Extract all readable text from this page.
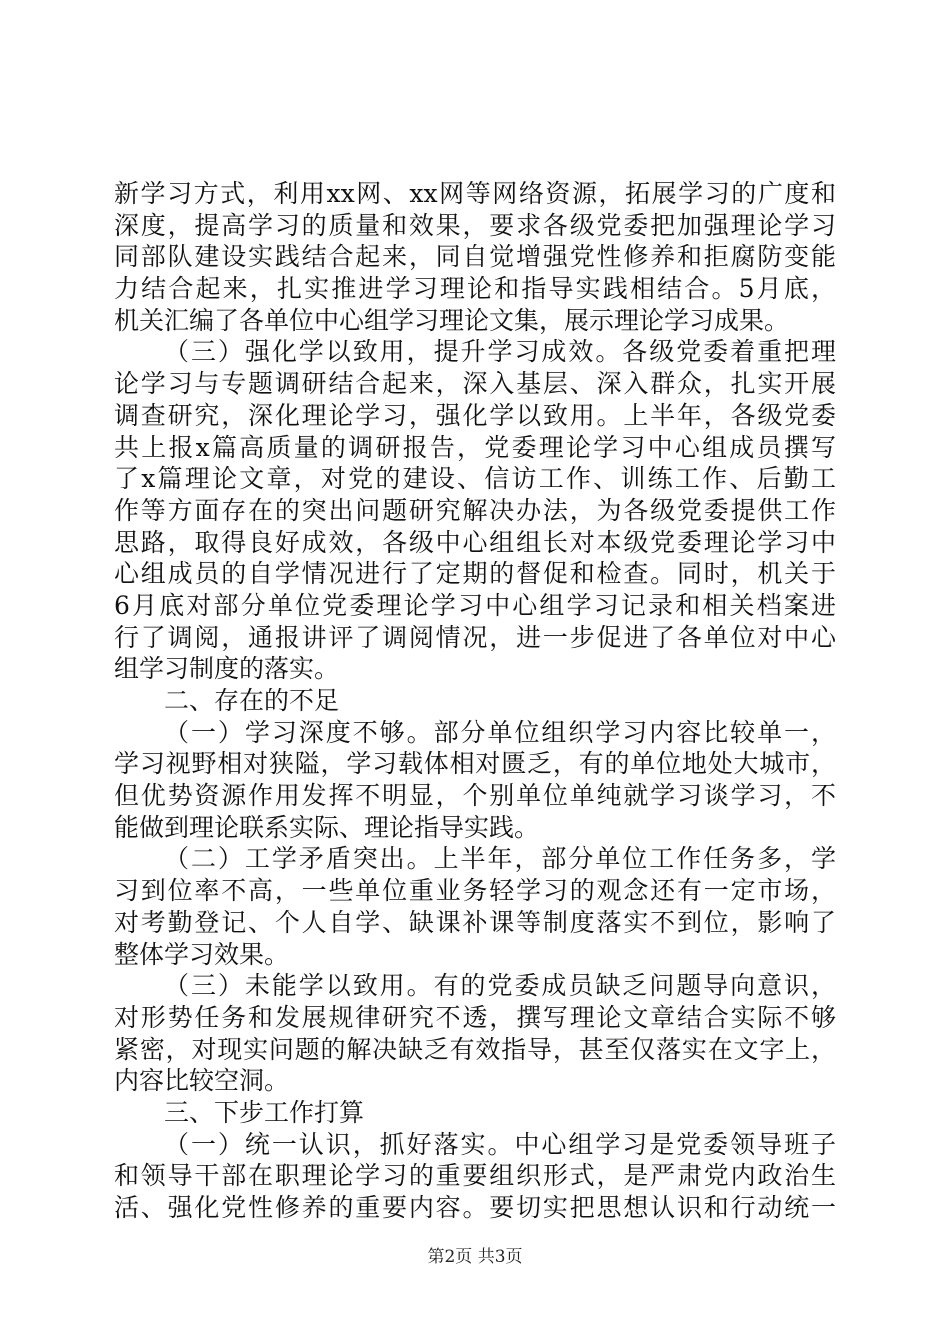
新学习方式，利用xx网、xx网等网络资源，拓展学习的广度和
深度，提高学习的质量和效果，要求各级党委把加强理论学习
同部队建设实践结合起来，同自觉增强党性修养和拒腐防变能
力结合起来，扎实推进学习理论和指导实践相结合。5月底，
机关汇编了各单位中心组学习理论文集，展示理论学习成果。
（三）强化学以致用，提升学习成效。各级党委着重把理
论学习与专题调研结合起来，深入基层、深入群众，扎实开展
调查研究，深化理论学习，强化学以致用。上半年，各级党委
共上报x篇高质量的调研报告，党委理论学习中心组成员撰写
了x篇理论文章，对党的建设、信访工作、训练工作、后勤工
作等方面存在的突出问题研究解决办法，为各级党委提供工作
思路，取得良好成效，各级中心组组长对本级党委理论学习中
心组成员的自学情况进行了定期的督促和检查。同时，机关于
6月底对部分单位党委理论学习中心组学习记录和相关档案进
行了调阅，通报讲评了调阅情况，进一步促进了各单位对中心
组学习制度的落实。
二、存在的不足
（一）学习深度不够。部分单位组织学习内容比较单一，
学习视野相对狭隘，学习载体相对匮乏，有的单位地处大城市，
但优势资源作用发挥不明显，个别单位单纯就学习谈学习，不
能做到理论联系实际、理论指导实践。
（二）工学矛盾突出。上半年，部分单位工作任务多，学
习到位率不高，一些单位重业务轻学习的观念还有一定市场，
对考勤登记、个人自学、缺课补课等制度落实不到位，影响了
整体学习效果。
（三）未能学以致用。有的党委成员缺乏问题导向意识，
对形势任务和发展规律研究不透，撰写理论文章结合实际不够
紧密，对现实问题的解决缺乏有效指导，甚至仅落实在文字上，
内容比较空洞。
三、下步工作打算
（一）统一认识，抓好落实。中心组学习是党委领导班子
和领导干部在职理论学习的重要组织形式，是严肃党内政治生
活、强化党性修养的重要内容。要切实把思想认识和行动统一
第2页 共3页
